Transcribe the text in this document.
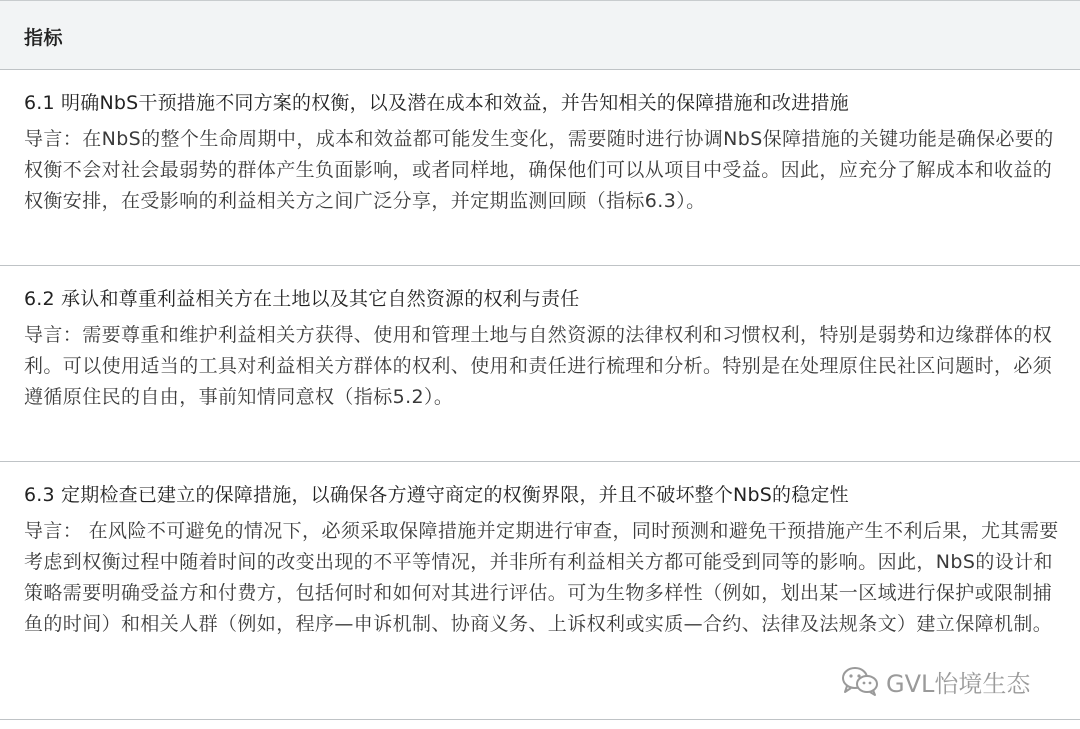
指标
6.1 明确NbS干预措施不同方案的权衡，以及潜在成本和效益，并告知相关的保障措施和改进措施
导言：在NbS的整个生命周期中，成本和效益都可能发生变化，需要随时进行协调NbS保障措施的关键功能是确保必要的权衡不会对社会最弱势的群体产生负面影响，或者同样地，确保他们可以从项目中受益。因此，应充分了解成本和收益的权衡安排，在受影响的利益相关方之间广泛分享，并定期监测回顾（指标6.3）。
6.2 承认和尊重利益相关方在土地以及其它自然资源的权利与责任
导言：需要尊重和维护利益相关方获得、使用和管理土地与自然资源的法律权利和习惯权利，特别是弱势和边缘群体的权利。可以使用适当的工具对利益相关方群体的权利、使用和责任进行梳理和分析。特别是在处理原住民社区问题时，必须遵循原住民的自由，事前知情同意权（指标5.2）。
6.3 定期检查已建立的保障措施，以确保各方遵守商定的权衡界限，并且不破坏整个NbS的稳定性
导言： 在风险不可避免的情况下，必须采取保障措施并定期进行审查，同时预测和避免干预措施产生不利后果，尤其需要考虑到权衡过程中随着时间的改变出现的不平等情况，并非所有利益相关方都可能受到同等的影响。因此，NbS的设计和策略需要明确受益方和付费方，包括何时和如何对其进行评估。可为生物多样性（例如，划出某一区域进行保护或限制捕鱼的时间）和相关人群（例如，程序—申诉机制、协商义务、上诉权利或实质—合约、法律及法规条文）建立保障机制。
GVL怡境生态
